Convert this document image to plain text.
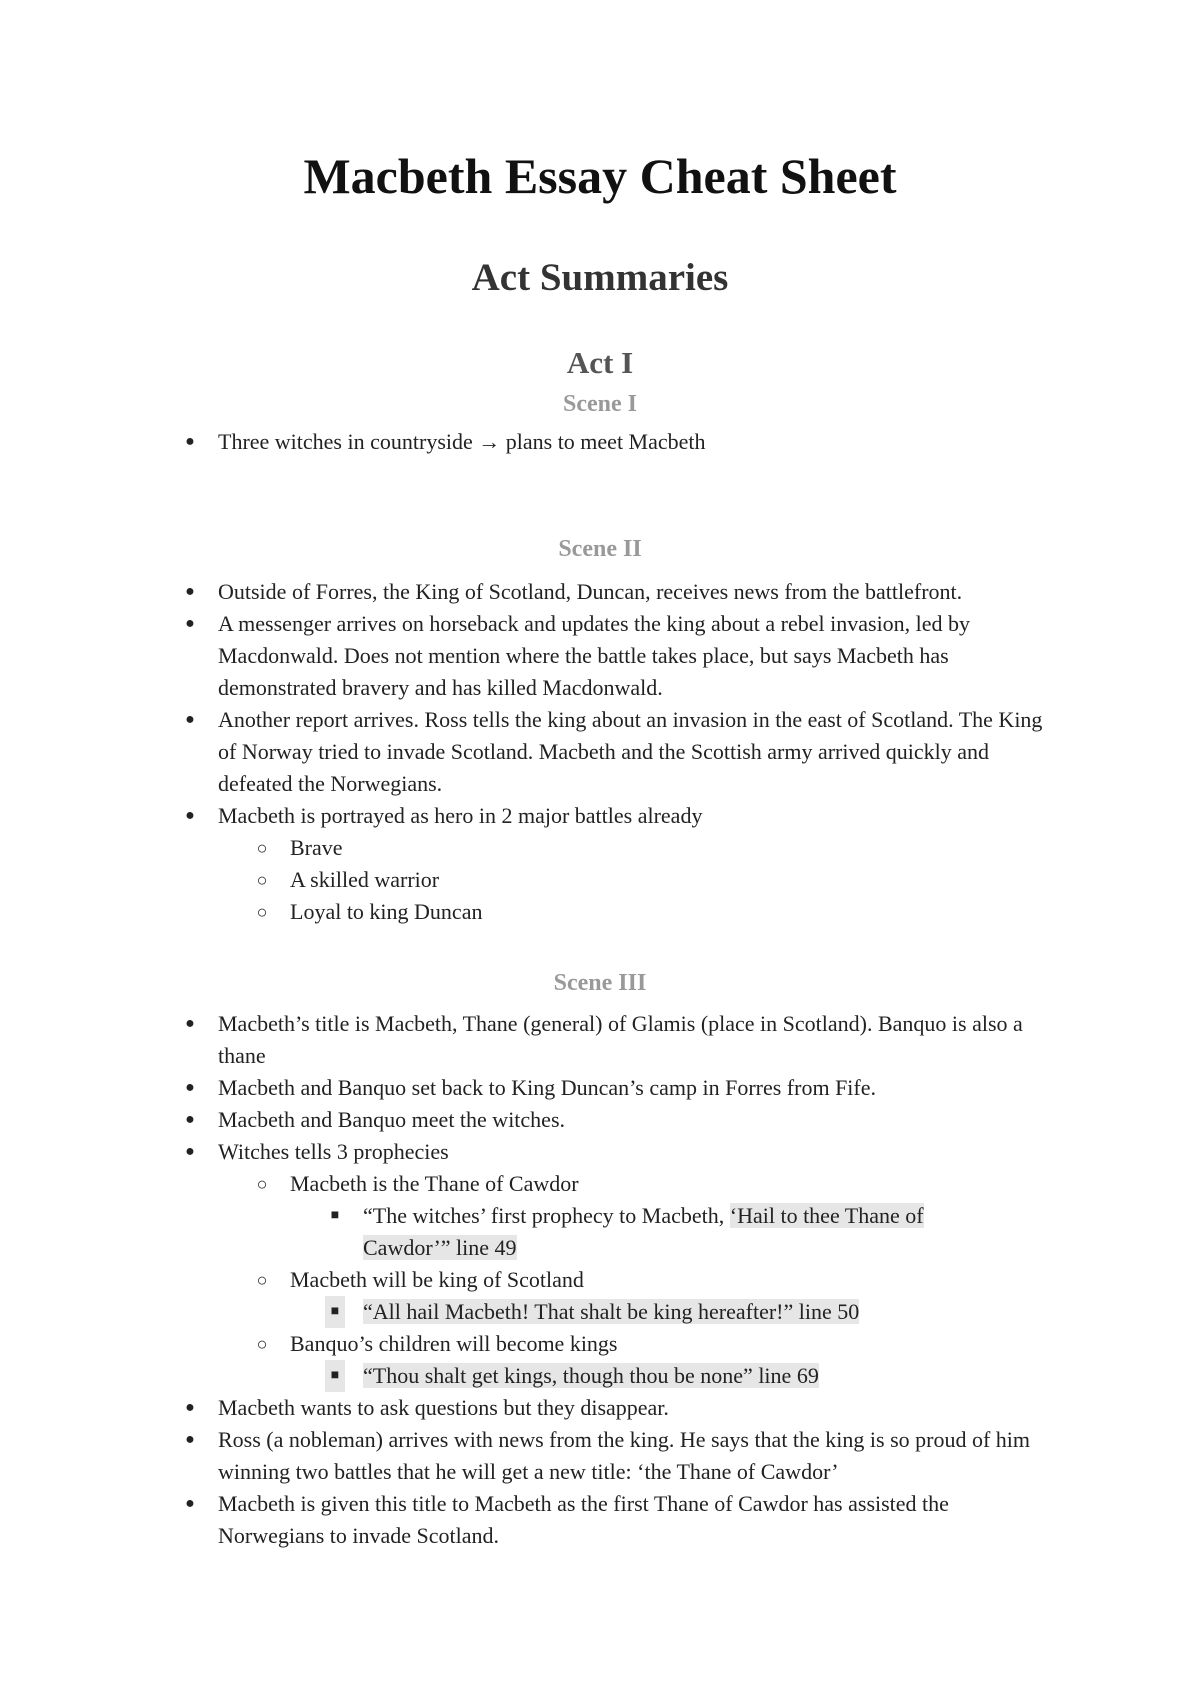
Macbeth Essay Cheat Sheet
Act Summaries
Act I
Scene I
● Three witches in countryside → plans to meet Macbeth
Scene II
● Outside of Forres, the King of Scotland, Duncan, receives news from the battlefront.
● A messenger arrives on horseback and updates the king about a rebel invasion, led by Macdonwald. Does not mention where the battle takes place, but says Macbeth has demonstrated bravery and has killed Macdonwald.
● Another report arrives. Ross tells the king about an invasion in the east of Scotland. The King of Norway tried to invade Scotland. Macbeth and the Scottish army arrived quickly and defeated the Norwegians.
● Macbeth is portrayed as hero in 2 major battles already
○ Brave
○ A skilled warrior
○ Loyal to king Duncan
Scene III
● Macbeth’s title is Macbeth, Thane (general) of Glamis (place in Scotland). Banquo is also a thane
● Macbeth and Banquo set back to King Duncan’s camp in Forres from Fife.
● Macbeth and Banquo meet the witches.
● Witches tells 3 prophecies
○ Macbeth is the Thane of Cawdor
■ “The witches’ first prophecy to Macbeth, ‘Hail to thee Thane of Cawdor’” line 49
○ Macbeth will be king of Scotland
■ “All hail Macbeth! That shalt be king hereafter!” line 50
○ Banquo’s children will become kings
■ “Thou shalt get kings, though thou be none” line 69
● Macbeth wants to ask questions but they disappear.
● Ross (a nobleman) arrives with news from the king. He says that the king is so proud of him winning two battles that he will get a new title: ‘the Thane of Cawdor’
● Macbeth is given this title to Macbeth as the first Thane of Cawdor has assisted the Norwegians to invade Scotland.
